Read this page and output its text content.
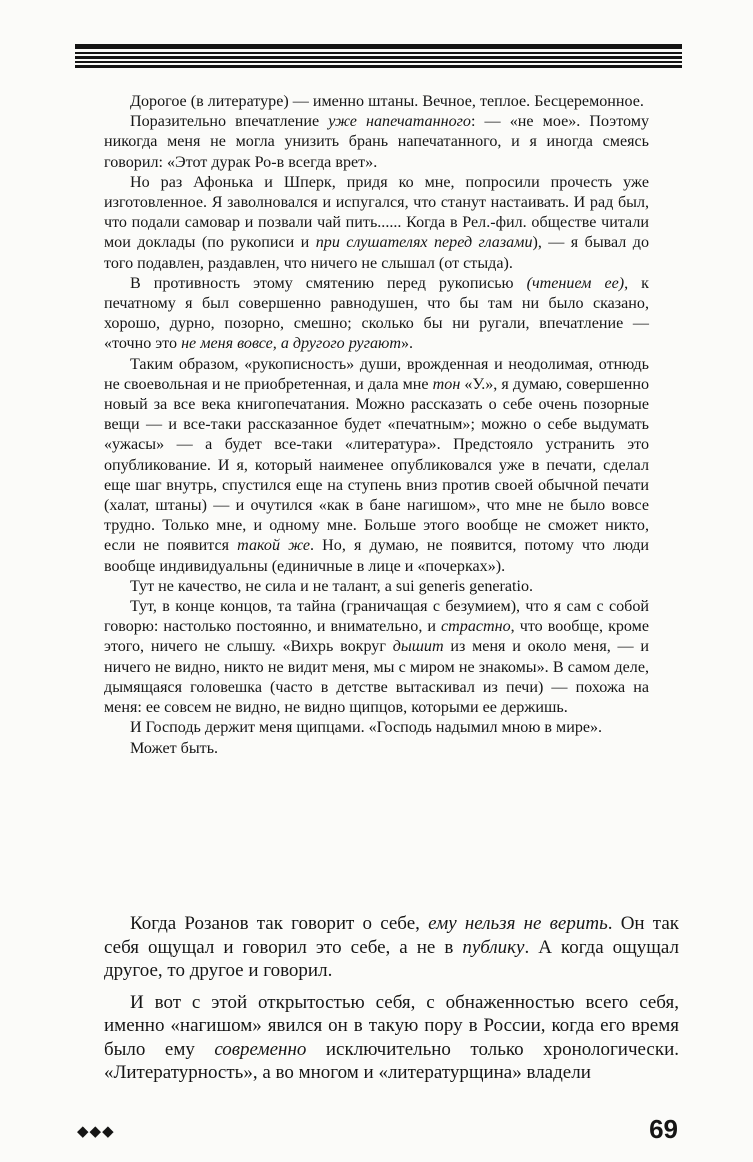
Дорогое (в литературе) — именно штаны. Вечное, теплое. Бесцеремонное.

Поразительно впечатление уже напечатанного: — «не мое». Поэтому никогда меня не могла унизить брань напечатанного, и я иногда смеясь говорил: «Этот дурак Ро-в всегда врет».

Но раз Афонька и Шперк, придя ко мне, попросили прочесть уже изготовленное. Я заволновался и испугался, что станут настаивать. И рад был, что подали самовар и позвали чай пить...... Когда в Рел.-фил. обществе читали мои доклады (по рукописи и при слушателях перед глазами), — я бывал до того подавлен, раздавлен, что ничего не слышал (от стыда).

В противность этому смятению перед рукописью (чтением ее), к печатному я был совершенно равнодушен, что бы там ни было сказано, хорошо, дурно, позорно, смешно; сколько бы ни ругали, впечатление — «точно это не меня вовсе, а другого ругают».

Таким образом, «рукописность» души, врожденная и неодолимая, отнюдь не своевольная и не приобретенная, и дала мне тон «У.», я думаю, совершенно новый за все века книгопечатания. Можно рассказать о себе очень позорные вещи — и все-таки рассказанное будет «печатным»; можно о себе выдумать «ужасы» — а будет все-таки «литература». Предстояло устранить это опубликование. И я, который наименее опубликовался уже в печати, сделал еще шаг внутрь, спустился еще на ступень вниз против своей обычной печати (халат, штаны) — и очутился «как в бане нагишом», что мне не было вовсе трудно. Только мне, и одному мне. Больше этого вообще не сможет никто, если не появится такой же. Но, я думаю, не появится, потому что люди вообще индивидуальны (единичные в лице и «почерках»).

Тут не качество, не сила и не талант, а sui generis generatio.

Тут, в конце концов, та тайна (граничащая с безумием), что я сам с собой говорю: настолько постоянно, и внимательно, и страстно, что вообще, кроме этого, ничего не слышу. «Вихрь вокруг дышит из меня и около меня, — и ничего не видно, никто не видит меня, мы с миром не знакомы». В самом деле, дымящаяся головешка (часто в детстве вытаскивал из печи) — похожа на меня: ее совсем не видно, не видно щипцов, которыми ее держишь.

И Господь держит меня щипцами. «Господь надымил мною в мире».

Может быть.

Когда Розанов так говорит о себе, ему нельзя не верить. Он так себя ощущал и говорил это себе, а не в публику. А когда ощущал другое, то другое и говорил.

И вот с этой открытостью себя, с обнаженностью всего себя, именно «нагишом» явился он в такую пору в России, когда его время было ему современно исключительно только хронологически. «Литературность», а во многом и «литературщина» владели

◆◆◆	69
